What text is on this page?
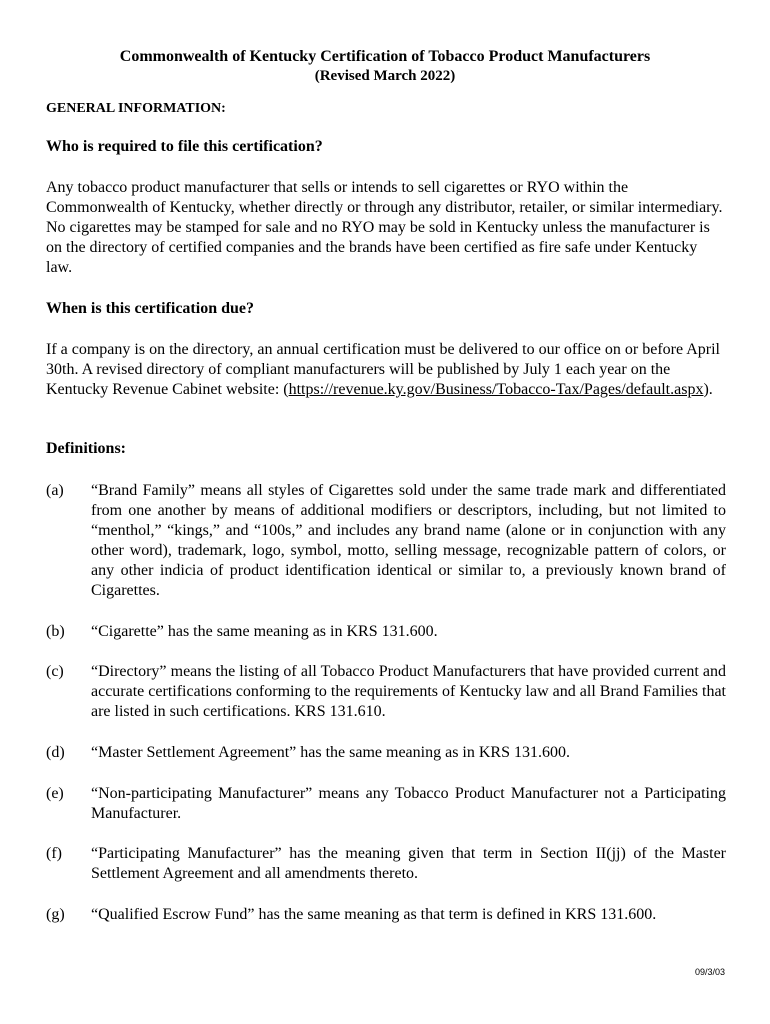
Commonwealth of Kentucky Certification of Tobacco Product Manufacturers
(Revised March 2022)
GENERAL INFORMATION:
Who is required to file this certification?
Any tobacco product manufacturer that sells or intends to sell cigarettes or RYO within the Commonwealth of Kentucky, whether directly or through any distributor, retailer, or similar intermediary. No cigarettes may be stamped for sale and no RYO may be sold in Kentucky unless the manufacturer is on the directory of certified companies and the brands have been certified as fire safe under Kentucky law.
When is this certification due?
If a company is on the directory, an annual certification must be delivered to our office on or before April 30th. A revised directory of compliant manufacturers will be published by July 1 each year on the Kentucky Revenue Cabinet website: (https://revenue.ky.gov/Business/Tobacco-Tax/Pages/default.aspx).
Definitions:
(a) “Brand Family” means all styles of Cigarettes sold under the same trade mark and differentiated from one another by means of additional modifiers or descriptors, including, but not limited to “menthol,” “kings,” and “100s,” and includes any brand name (alone or in conjunction with any other word), trademark, logo, symbol, motto, selling message, recognizable pattern of colors, or any other indicia of product identification identical or similar to, a previously known brand of Cigarettes.
(b) “Cigarette” has the same meaning as in KRS 131.600.
(c) “Directory” means the listing of all Tobacco Product Manufacturers that have provided current and accurate certifications conforming to the requirements of Kentucky law and all Brand Families that are listed in such certifications. KRS 131.610.
(d) “Master Settlement Agreement” has the same meaning as in KRS 131.600.
(e) “Non-participating Manufacturer” means any Tobacco Product Manufacturer not a Participating Manufacturer.
(f) “Participating Manufacturer” has the meaning given that term in Section II(jj) of the Master Settlement Agreement and all amendments thereto.
(g) “Qualified Escrow Fund” has the same meaning as that term is defined in KRS 131.600.
09/3/03
